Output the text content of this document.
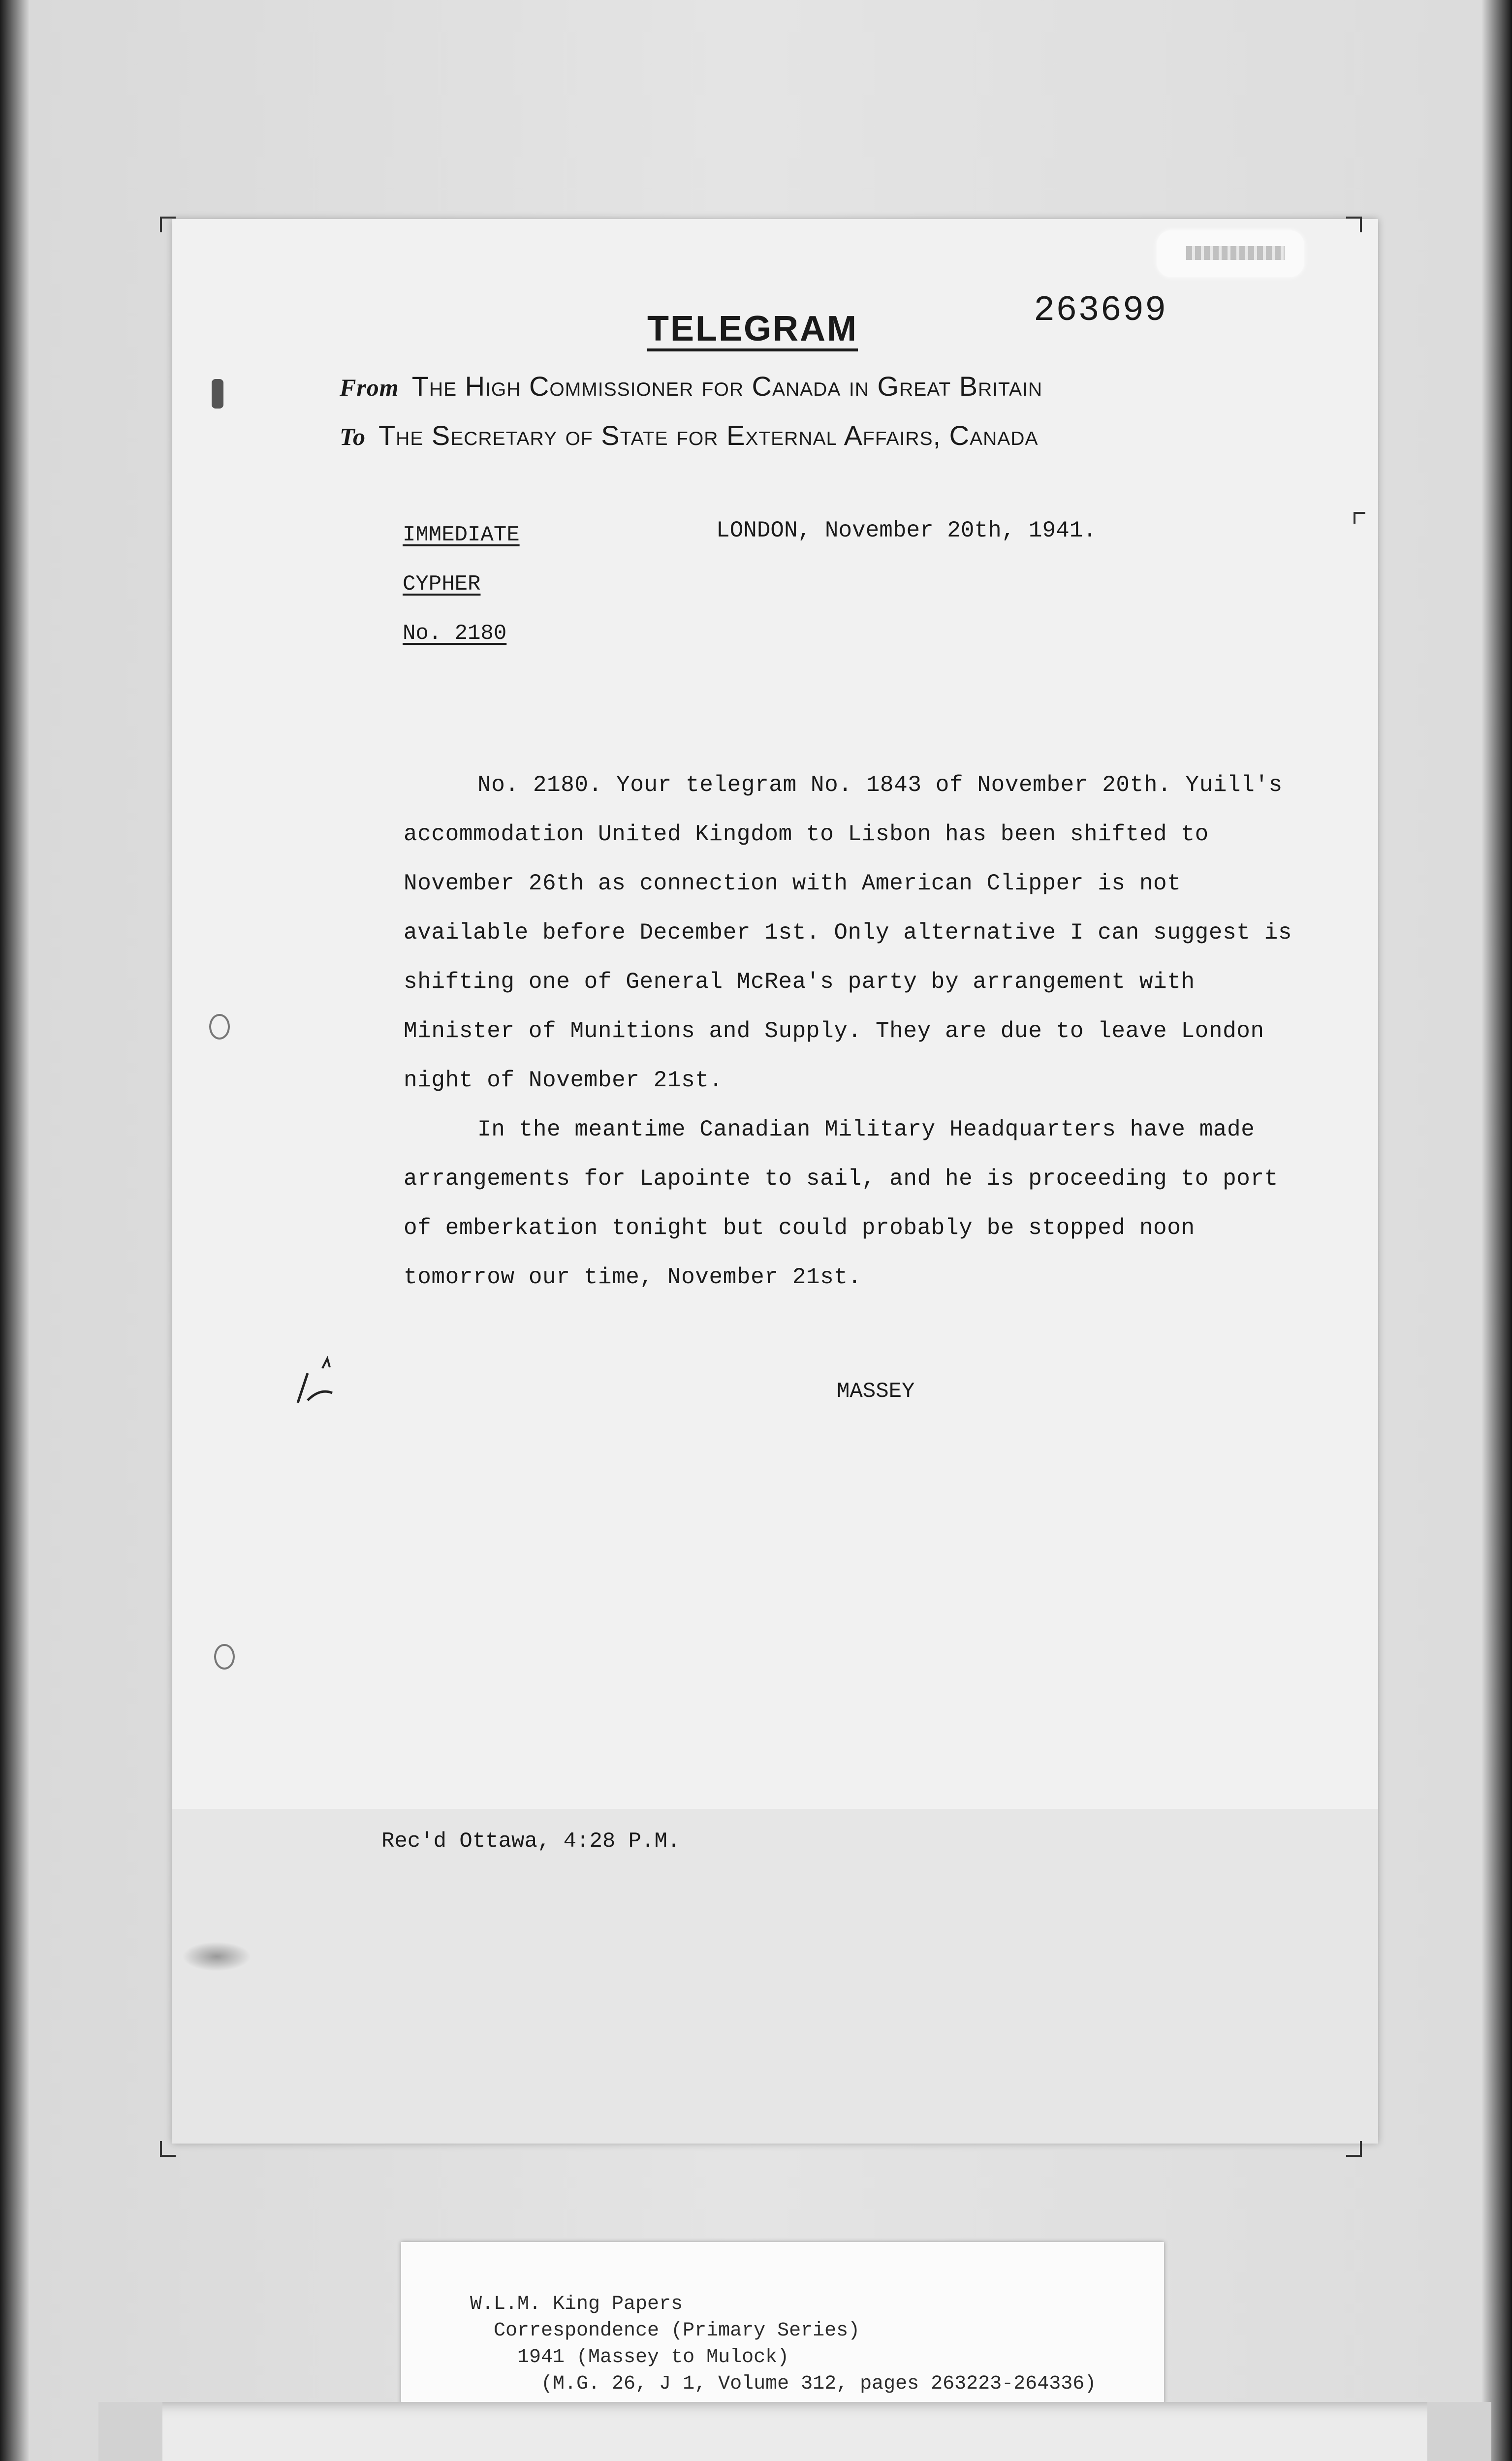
TELEGRAM	263699
From The High Commissioner for Canada in Great Britain
To The Secretary of State for External Affairs, Canada
IMMEDIATE
CYPHER
No. 2180
LONDON, November 20th, 1941.

No. 2180. Your telegram No. 1843 of November 20th. Yuill's accommodation United Kingdom to Lisbon has been shifted to November 26th as connection with American Clipper is not available before December 1st. Only alternative I can suggest is shifting one of General McRea's party by arrangement with Minister of Munitions and Supply. They are due to leave London night of November 21st.

In the meantime Canadian Military Headquarters have made arrangements for Lapointe to sail, and he is proceeding to port of emberkation tonight but could probably be stopped noon tomorrow our time, November 21st.

MASSEY
Rec'd Ottawa, 4:28 P.M.
W.L.M. King Papers
Correspondence (Primary Series)
1941 (Massey to Mulock)
(M.G. 26, J 1, Volume 312, pages 263223-264336)
